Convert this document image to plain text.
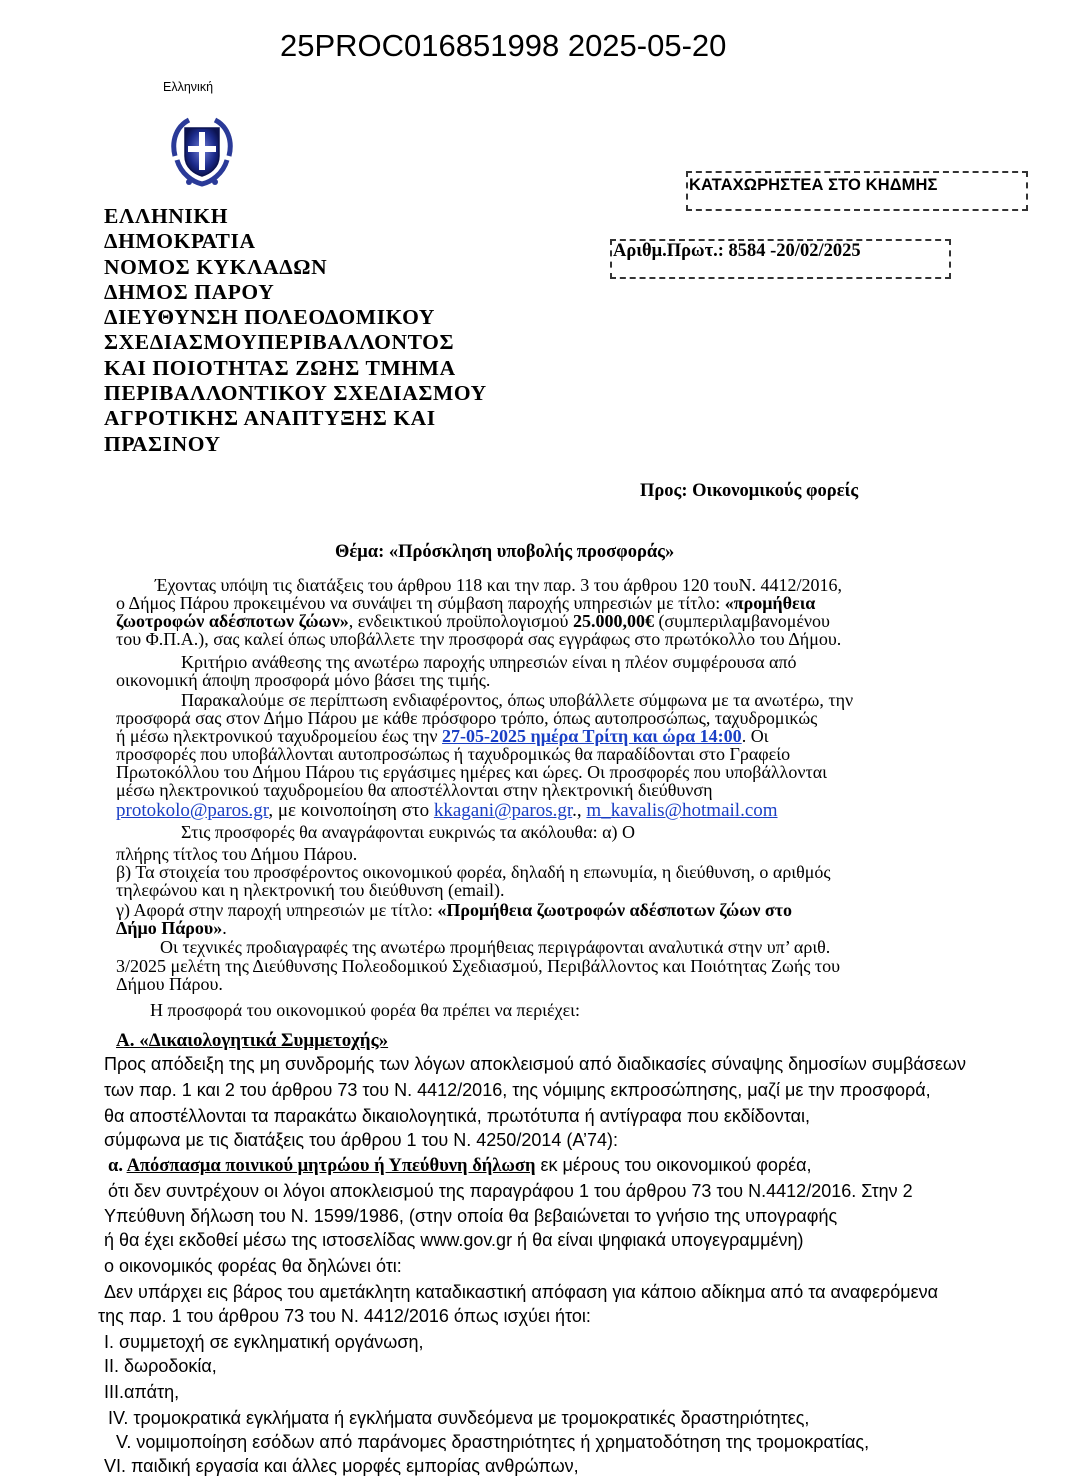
25PROC016851998 2025-05-20
Ελληνική
ΚΑΤΑΧΩΡΗΣΤΕΑ ΣΤΟ ΚΗΔΜΗΣ
Αριθμ.Πρωτ.: 8584 -20/02/2025
ΕΛΛΗΝΙΚΗ
ΔΗΜΟΚΡΑΤΙΑ
ΝΟΜΟΣ ΚΥΚΛΑΔΩΝ
ΔΗΜΟΣ ΠΑΡΟΥ
ΔΙΕΥΘΥΝΣΗ ΠΟΛΕΟΔΟΜΙΚΟΥ
ΣΧΕΔΙΑΣΜΟΥΠΕΡΙΒΑΛΛΟΝΤΟΣ
ΚΑΙ ΠΟΙΟΤΗΤΑΣ ΖΩΗΣ ΤΜΗΜΑ
ΠΕΡΙΒΑΛΛΟΝΤΙΚΟΥ ΣΧΕΔΙΑΣΜΟΥ
ΑΓΡΟΤΙΚΗΣ ΑΝΑΠΤΥΞΗΣ ΚΑΙ
ΠΡΑΣΙΝΟΥ
Προς: Οικονομικούς φορείς
Θέμα: «Πρόσκληση υποβολής προσφοράς»
Έχοντας υπόψη τις διατάξεις του άρθρου 118 και την παρ. 3 του άρθρου 120 τουΝ. 4412/2016,
ο Δήμος Πάρου προκειμένου να συνάψει τη σύμβαση παροχής υπηρεσιών με τίτλο: «προμήθεια
ζωοτροφών αδέσποτων ζώων», ενδεικτικού προϋπολογισμού 25.000,00€ (συμπεριλαμβανομένου
του Φ.Π.Α.), σας καλεί όπως υποβάλλετε την προσφορά σας εγγράφως στο πρωτόκολλο του Δήμου.
Κριτήριο ανάθεσης της ανωτέρω παροχής υπηρεσιών είναι η πλέον συμφέρουσα από
οικονομική άποψη προσφορά μόνο βάσει της τιμής.
Παρακαλούμε σε περίπτωση ενδιαφέροντος, όπως υποβάλλετε σύμφωνα με τα ανωτέρω, την
προσφορά σας στον Δήμο Πάρου με κάθε πρόσφορο τρόπο, όπως αυτοπροσώπως, ταχυδρομικώς
ή μέσω ηλεκτρονικού ταχυδρομείου έως την 27-05-2025 ημέρα Τρίτη και ώρα 14:00. Οι
προσφορές που υποβάλλονται αυτοπροσώπως ή ταχυδρομικώς θα παραδίδονται στο Γραφείο
Πρωτοκόλλου του Δήμου Πάρου τις εργάσιμες ημέρες και ώρες. Οι προσφορές που υποβάλλονται
μέσω ηλεκτρονικού ταχυδρομείου θα αποστέλλονται στην ηλεκτρονική διεύθυνση
protokolo@paros.gr, με κοινοποίηση στο kkagani@paros.gr., m_kavalis@hotmail.com
Στις προσφορές θα αναγράφονται ευκρινώς τα ακόλουθα: α) Ο
πλήρης τίτλος του Δήμου Πάρου.
β) Τα στοιχεία του προσφέροντος οικονομικού φορέα, δηλαδή η επωνυμία, η διεύθυνση, ο αριθμός
τηλεφώνου και η ηλεκτρονική του διεύθυνση (email).
γ) Αφορά στην παροχή υπηρεσιών με τίτλο: «Προμήθεια ζωοτροφών αδέσποτων ζώων στο
Δήμο Πάρου».
Οι τεχνικές προδιαγραφές της ανωτέρω προμήθειας περιγράφονται αναλυτικά στην υπ’ αριθ.
3/2025 μελέτη της Διεύθυνσης Πολεοδομικού Σχεδιασμού, Περιβάλλοντος και Ποιότητας Ζωής του
Δήμου Πάρου.
Η προσφορά του οικονομικού φορέα θα πρέπει να περιέχει:
Α. «Δικαιολογητικά Συμμετοχής»
Προς απόδειξη της μη συνδρομής των λόγων αποκλεισμού από διαδικασίες σύναψης δημοσίων συμβάσεων
των παρ. 1 και 2 του άρθρου 73 του Ν. 4412/2016, της νόμιμης εκπροσώπησης, μαζί με την προσφορά,
θα αποστέλλονται τα παρακάτω δικαιολογητικά, πρωτότυπα ή αντίγραφα που εκδίδονται,
σύμφωνα με τις διατάξεις του άρθρου 1 του Ν. 4250/2014 (Α’74):
α. Απόσπασμα ποινικού μητρώου ή Υπεύθυνη δήλωση εκ μέρους του οικονομικού φορέα,
ότι δεν συντρέχουν οι λόγοι αποκλεισμού της παραγράφου 1 του άρθρου 73 του Ν.4412/2016. Στην 2
Υπεύθυνη δήλωση του Ν. 1599/1986, (στην οποία θα βεβαιώνεται το γνήσιο της υπογραφής
ή θα έχει εκδοθεί μέσω της ιστοσελίδας www.gov.gr ή θα είναι ψηφιακά υπογεγραμμένη)
ο οικονομικός φορέας θα δηλώνει ότι:
Δεν υπάρχει εις βάρος του αμετάκλητη καταδικαστική απόφαση για κάποιο αδίκημα από τα αναφερόμενα
της παρ. 1 του άρθρου 73 του Ν. 4412/2016 όπως ισχύει ήτοι:
Ι. συμμετοχή σε εγκληματική οργάνωση,
ΙΙ. δωροδοκία,
ΙΙΙ.απάτη,
ΙV. τρομοκρατικά εγκλήματα ή εγκλήματα συνδεόμενα με τρομοκρατικές δραστηριότητες,
V. νομιμοποίηση εσόδων από παράνομες δραστηριότητες ή χρηματοδότηση της τρομοκρατίας,
VΙ. παιδική εργασία και άλλες μορφές εμπορίας ανθρώπων,
